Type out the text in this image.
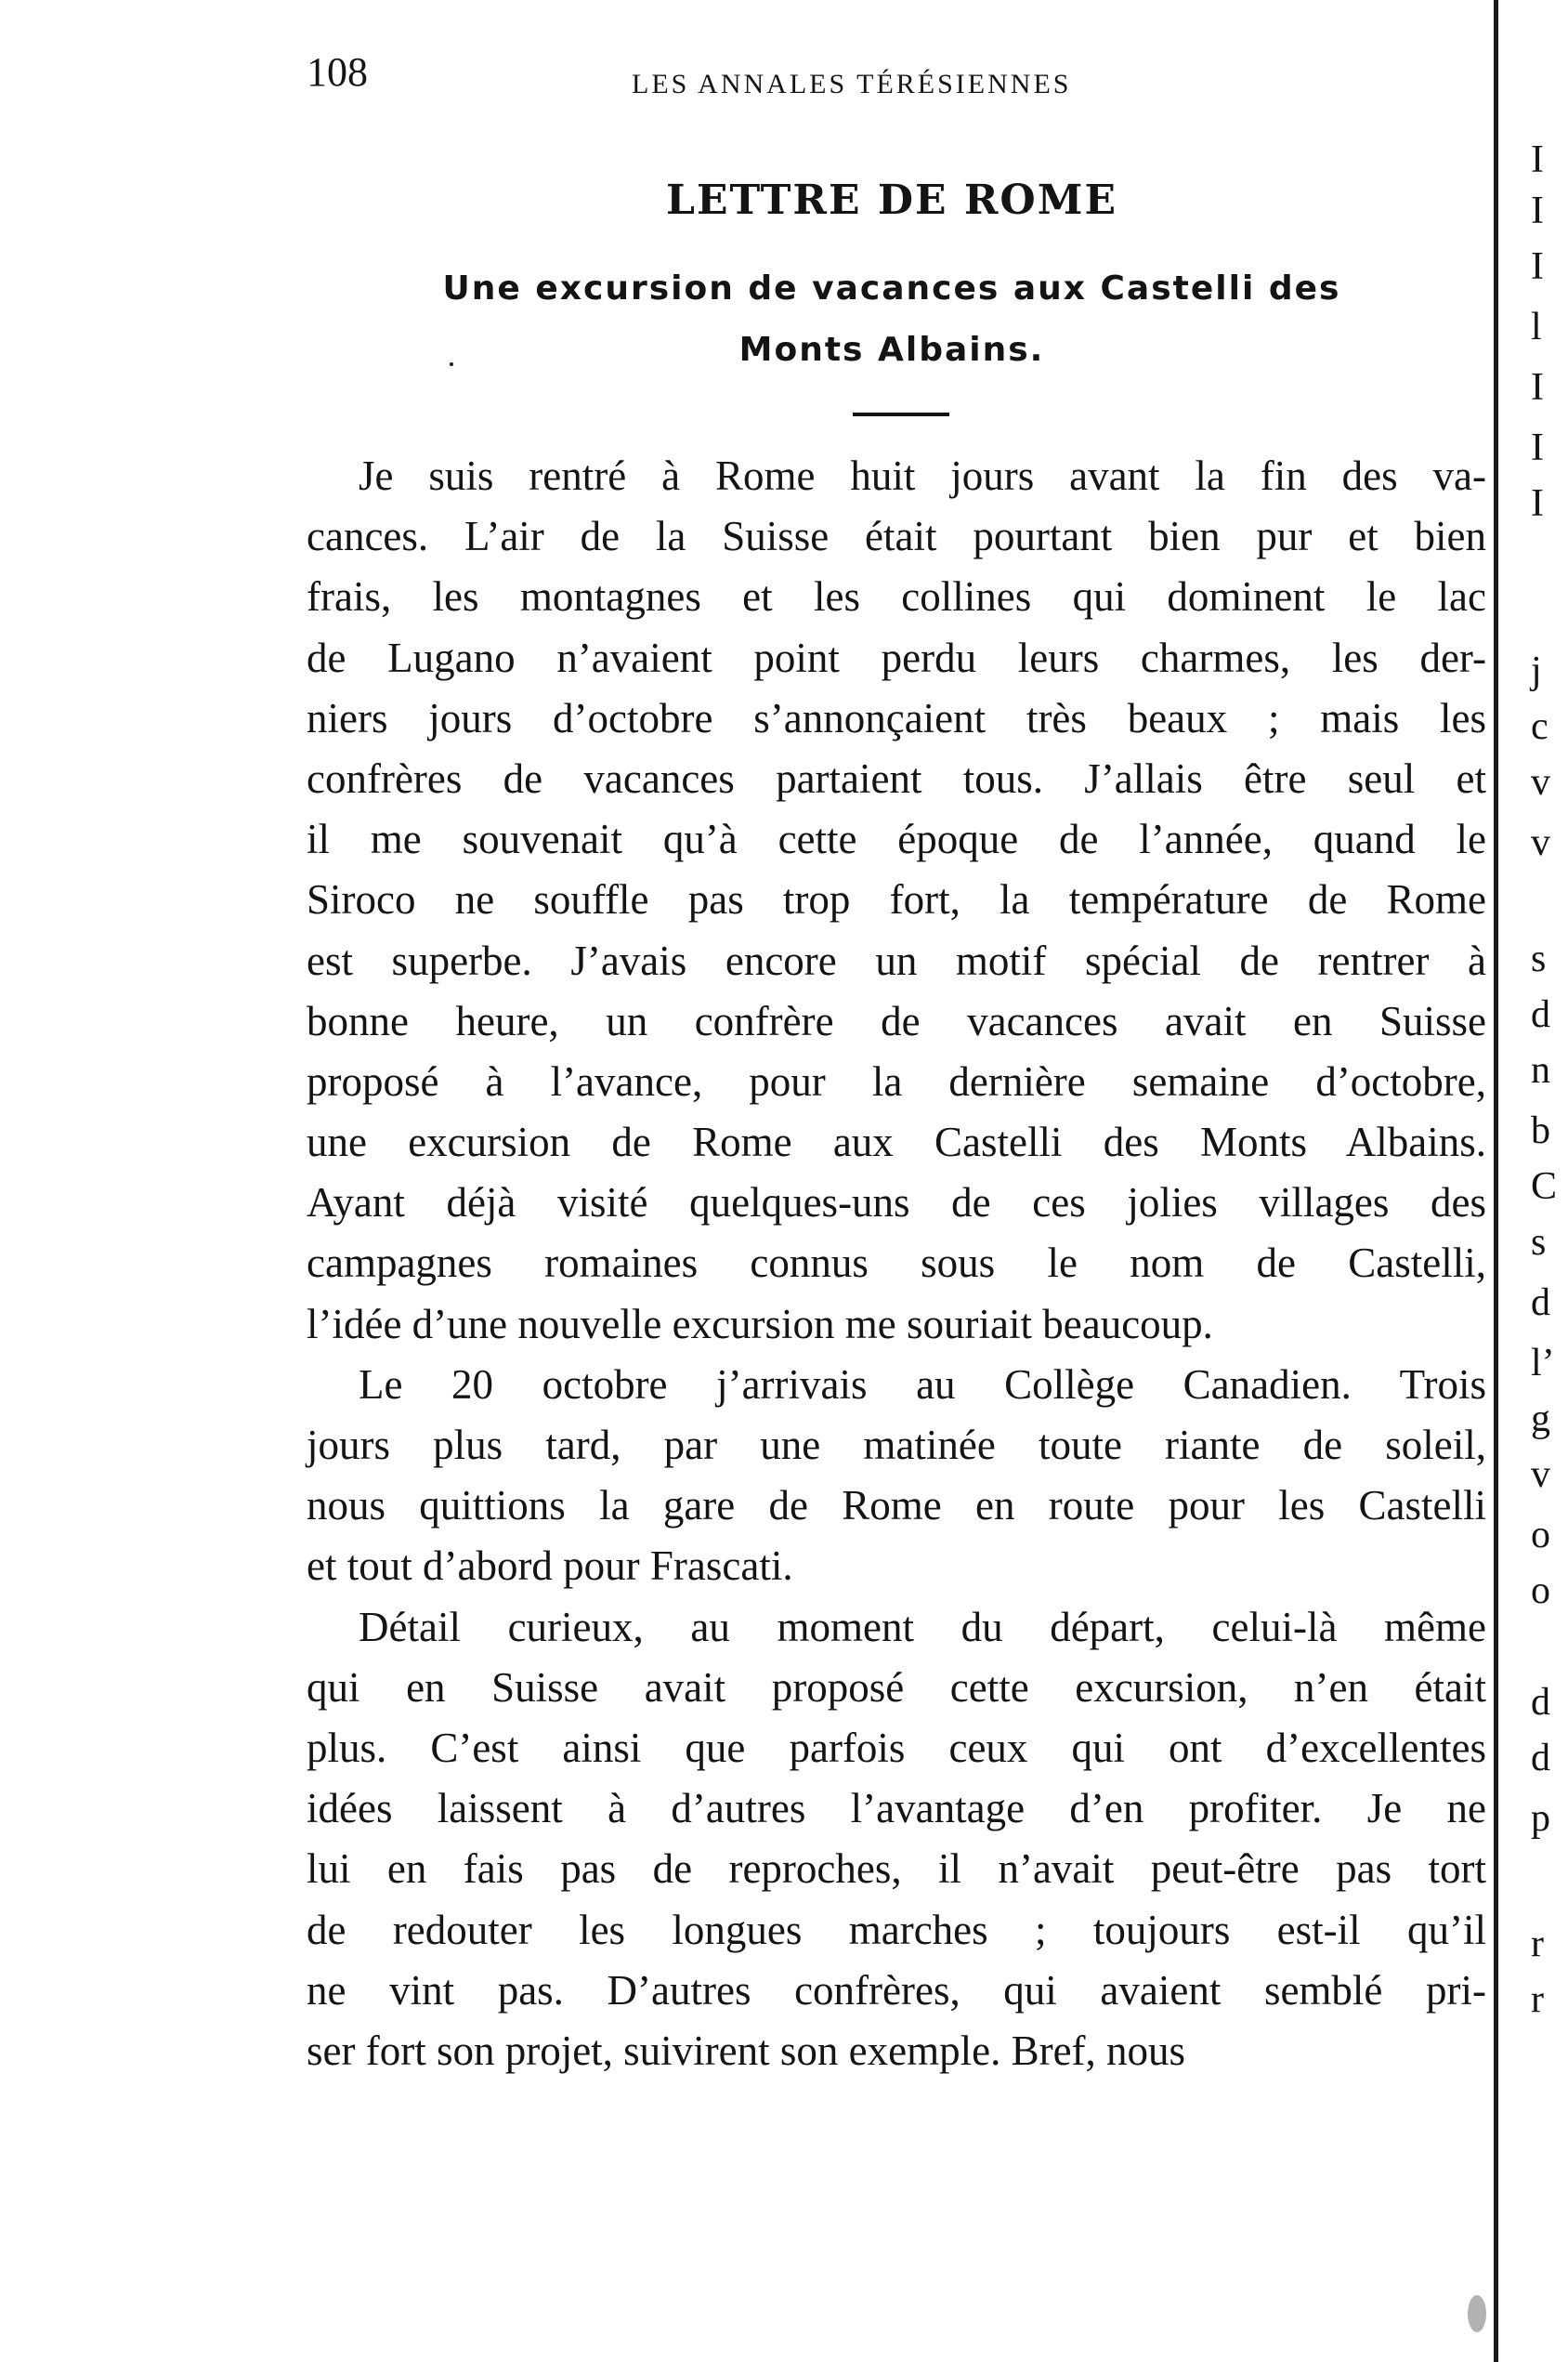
108	LES ANNALES TÉRÉSIENNES
LETTRE DE ROME
Une excursion de vacances aux Castelli des
Monts Albains.
Je suis rentré à Rome huit jours avant la fin des va-
cances. L’air de la Suisse était pourtant bien pur et bien
frais, les montagnes et les collines qui dominent le lac
de Lugano n’avaient point perdu leurs charmes, les der-
niers jours d’octobre s’annonçaient très beaux ; mais les
confrères de vacances partaient tous. J’allais être seul et
il me souvenait qu’à cette époque de l’année, quand le
Siroco ne souffle pas trop fort, la température de Rome
est superbe. J’avais encore un motif spécial de rentrer à
bonne heure, un confrère de vacances avait en Suisse
proposé à l’avance, pour la dernière semaine d’octobre,
une excursion de Rome aux Castelli des Monts Albains.
Ayant déjà visité quelques-uns de ces jolies villages des
campagnes romaines connus sous le nom de Castelli,
l’idée d’une nouvelle excursion me souriait beaucoup.
Le 20 octobre j’arrivais au Collège Canadien. Trois
jours plus tard, par une matinée toute riante de soleil,
nous quittions la gare de Rome en route pour les Castelli
et tout d’abord pour Frascati.
Détail curieux, au moment du départ, celui-là même
qui en Suisse avait proposé cette excursion, n’en était
plus. C’est ainsi que parfois ceux qui ont d’excellentes
idées laissent à d’autres l’avantage d’en profiter. Je ne
lui en fais pas de reproches, il n’avait peut-être pas tort
de redouter les longues marches ; toujours est-il qu’il
ne vint pas. D’autres confrères, qui avaient semblé pri-
ser fort son projet, suivirent son exemple. Bref, nous
I
I
I
l
I
I
I
j
c
v
v
s
d
n
b
C
s
d
l’
g
v
o
o
d
d
p
r
r
